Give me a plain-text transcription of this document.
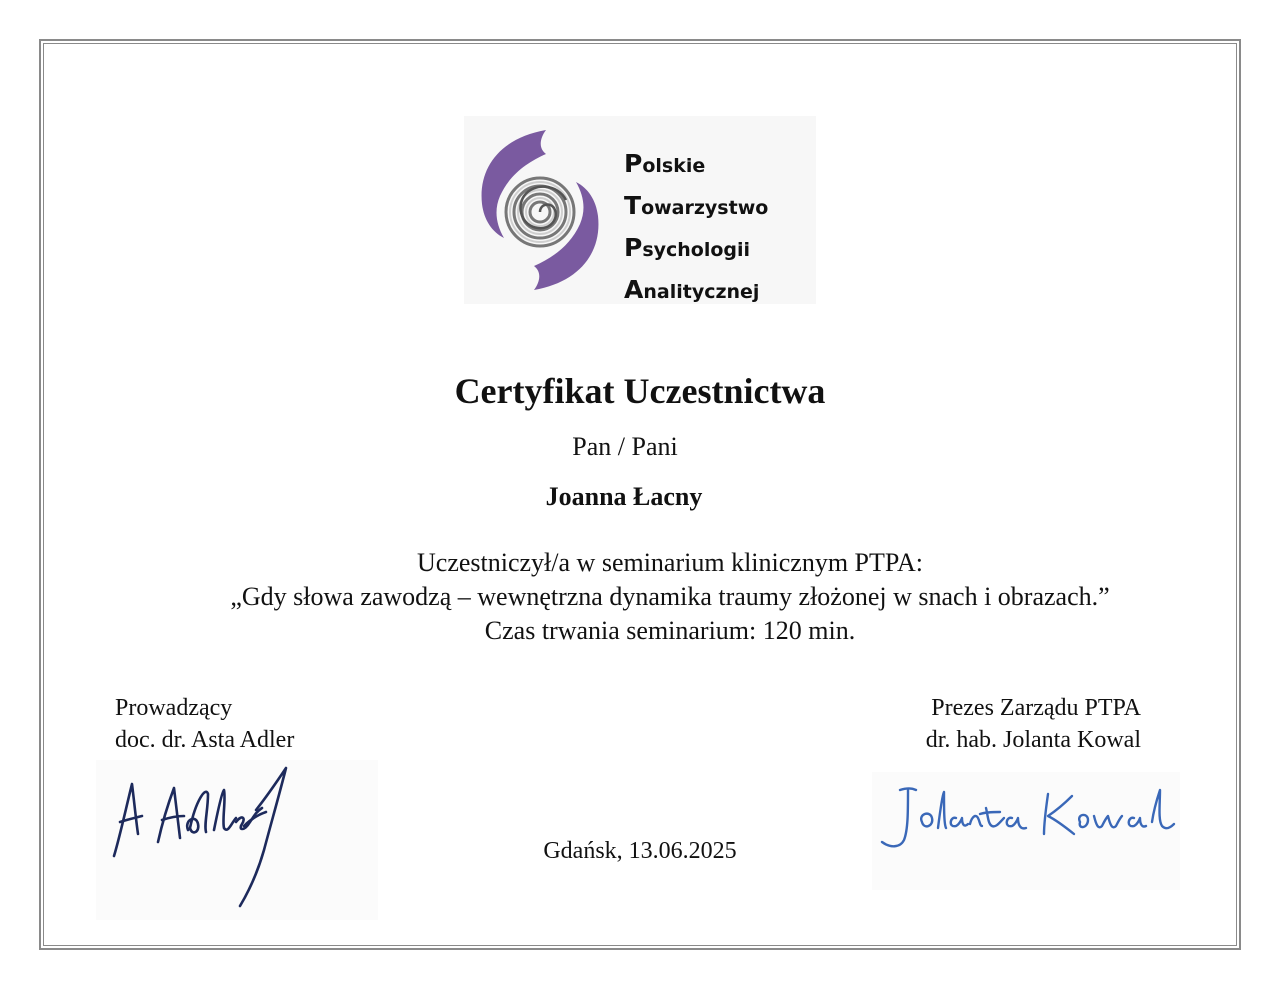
Polskie
Towarzystwo
Psychologii
Analitycznej
Certyfikat Uczestnictwa
Pan / Pani
Joanna Łacny
Uczestniczył/a w seminarium klinicznym PTPA:
„Gdy słowa zawodzą – wewnętrzna dynamika traumy złożonej w snach i obrazach.”
Czas trwania seminarium: 120 min.
Prowadzący
doc. dr. Asta Adler
Prezes Zarządu PTPA
dr. hab. Jolanta Kowal
Gdańsk, 13.06.2025
